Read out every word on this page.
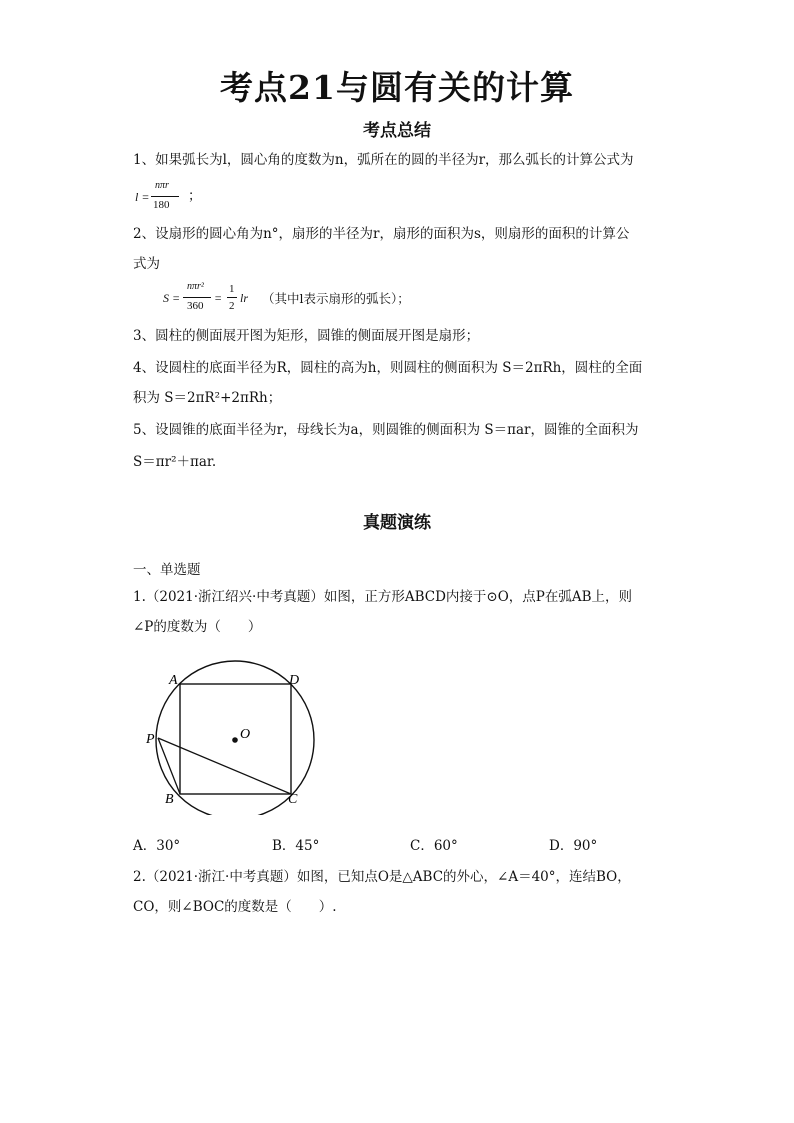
考点21与圆有关的计算
考点总结
1、如果弧长为l，圆心角的度数为n，弧所在的圆的半径为r，那么弧长的计算公式为
l =
nπr
180
；
2、设扇形的圆心角为n°，扇形的半径为r，扇形的面积为s，则扇形的面积的计算公
式为
S =
nπr²
360
=
1
2
lr （其中l表示扇形的弧长）；
3、圆柱的侧面展开图为矩形，圆锥的侧面展开图是扇形；
4、设圆柱的底面半径为R，圆柱的高为h，则圆柱的侧面积为 S＝2πRh，圆柱的全面
积为 S＝2πR²+2πRh；
5、设圆锥的底面半径为r，母线长为a，则圆锥的侧面积为 S＝πar，圆锥的全面积为
S＝πr²＋πar.
真题演练
一、单选题
1.（2021·浙江绍兴·中考真题）如图，正方形ABCD内接于⊙O，点P在弧AB上，则
∠P的度数为（　　）
A	D
O
P
B	C
A．30°	B．45°	C．60°	D．90°
2.（2021·浙江·中考真题）如图，已知点O是△ABC的外心，∠A＝40°，连结BO，
CO，则∠BOC的度数是（　　）.
